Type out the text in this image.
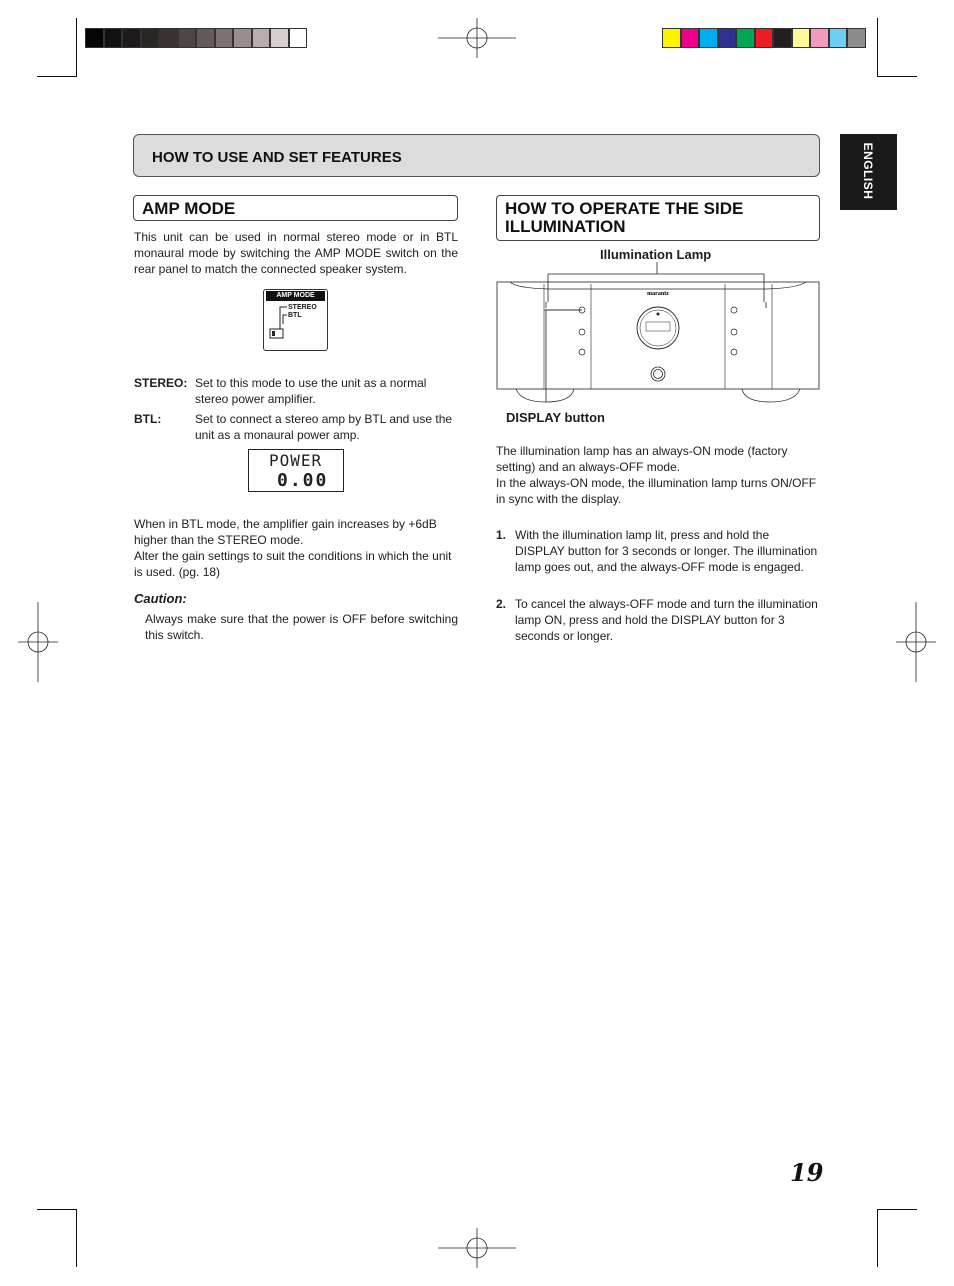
HOW TO USE AND SET FEATURES	ENGLISH
AMP MODE
This unit can be used in normal stereo mode or in BTL monaural mode by switching the AMP MODE switch on the rear panel to match the connected speaker system.
AMP MODE
STEREO
BTL
STEREO: Set to this mode to use the unit as a normal stereo power amplifier.
BTL:	Set to connect a stereo amp by BTL and use the unit as a monaural power amp.
POWER
0.00
When in BTL mode, the amplifier gain increases by +6dB higher than the STEREO mode.
Alter the gain settings to suit the conditions in which the unit is used. (pg. 18)
Caution:
Always make sure that the power is OFF before switching this switch.
HOW TO OPERATE THE SIDE ILLUMINATION
Illumination Lamp
marantz
DISPLAY button
The illumination lamp has an always-ON mode (factory setting) and an always-OFF mode.
In the always-ON mode, the illumination lamp turns ON/OFF in sync with the display.
1. With the illumination lamp lit, press and hold the DISPLAY button for 3 seconds or longer. The illumination lamp goes out, and the always-OFF mode is engaged.
2. To cancel the always-OFF mode and turn the illumination lamp ON, press and hold the DISPLAY button for 3 seconds or longer.
19
